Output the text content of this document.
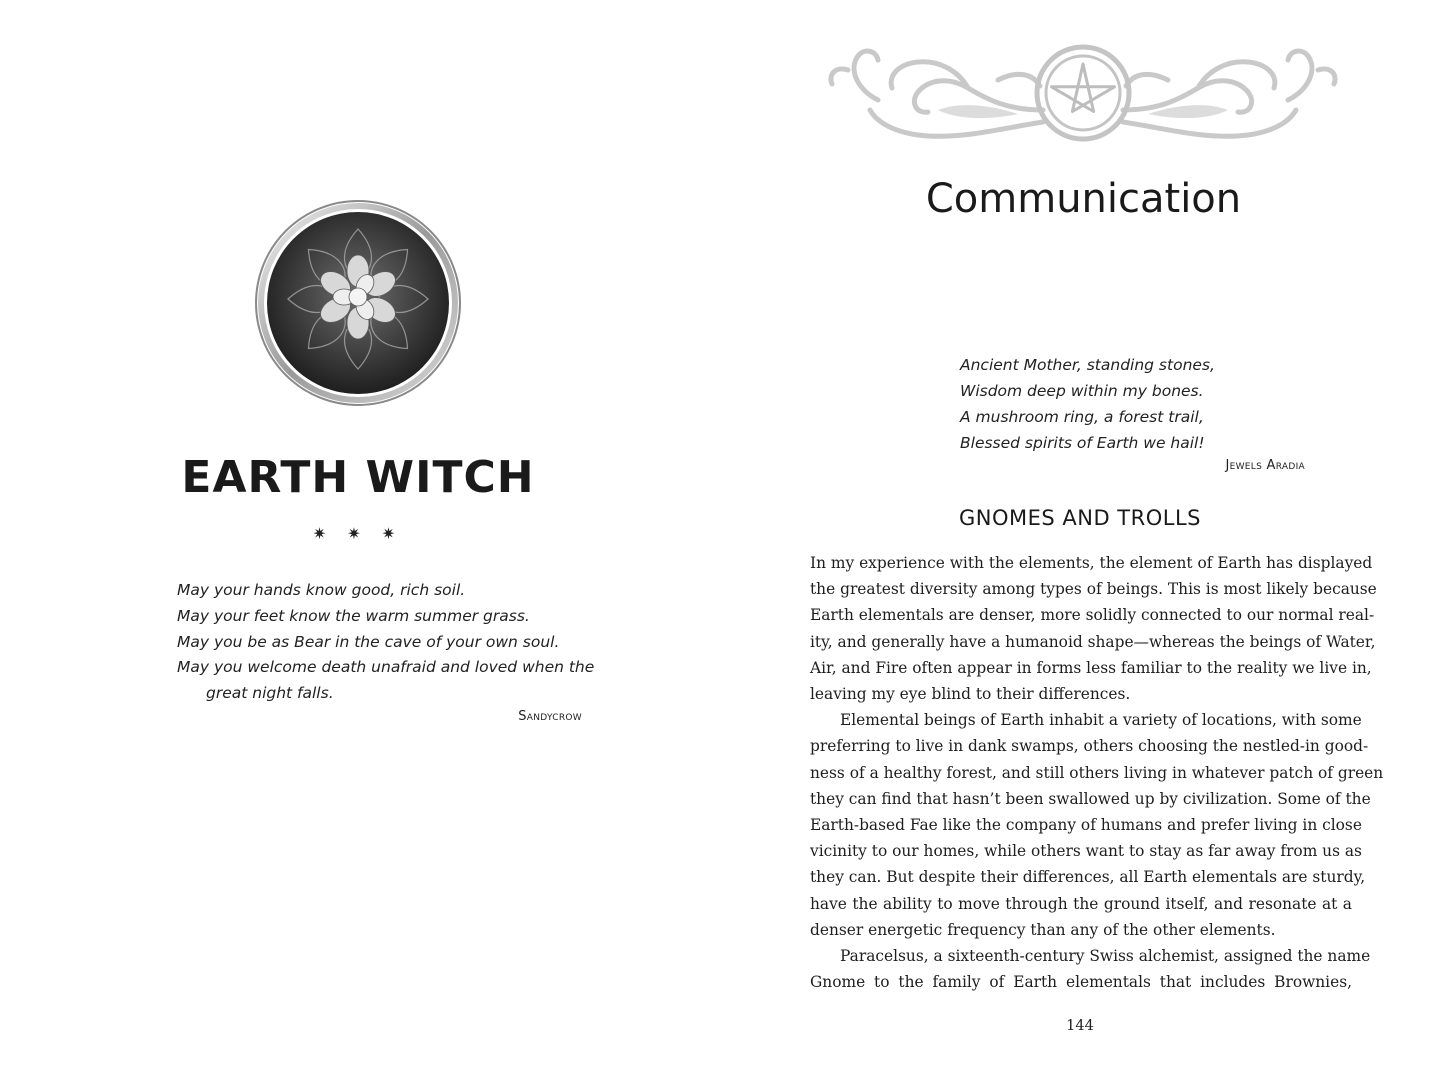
EARTH WITCH
✷ ✷ ✷
May your hands know good, rich soil.
May your feet know the warm summer grass.
May you be as Bear in the cave of your own soul.
May you welcome death unafraid and loved when the
great night falls.
Sandycrow
Communication
Ancient Mother, standing stones,
Wisdom deep within my bones.
A mushroom ring, a forest trail,
Blessed spirits of Earth we hail!
Jewels Aradia
GNOMES AND TROLLS
In my experience with the elements, the element of Earth has displayed
the greatest diversity among types of beings. This is most likely because
Earth elementals are denser, more solidly connected to our normal real-
ity, and generally have a humanoid shape—whereas the beings of Water,
Air, and Fire often appear in forms less familiar to the reality we live in,
leaving my eye blind to their differences.
Elemental beings of Earth inhabit a variety of locations, with some
preferring to live in dank swamps, others choosing the nestled-in good-
ness of a healthy forest, and still others living in whatever patch of green
they can find that hasn’t been swallowed up by civilization. Some of the
Earth-based Fae like the company of humans and prefer living in close
vicinity to our homes, while others want to stay as far away from us as
they can. But despite their differences, all Earth elementals are sturdy,
have the ability to move through the ground itself, and resonate at a
denser energetic frequency than any of the other elements.
Paracelsus, a sixteenth-century Swiss alchemist, assigned the name
Gnome to the family of Earth elementals that includes Brownies,
144
